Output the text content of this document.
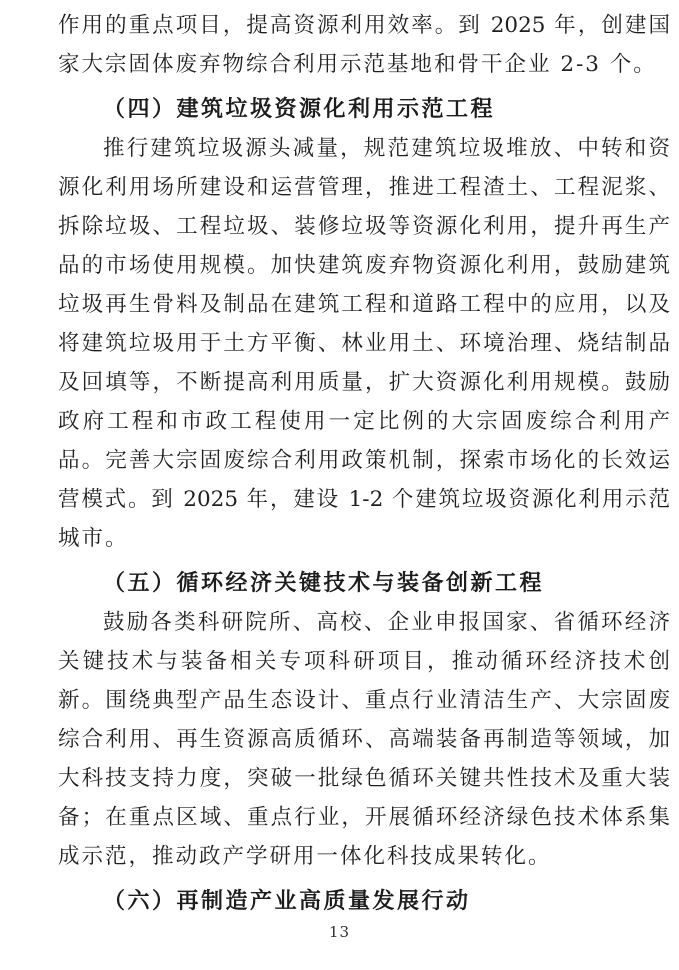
作用的重点项目，提高资源利用效率。到 2025 年，创建国
家大宗固体废弃物综合利用示范基地和骨干企业 2-3 个。
（四）建筑垃圾资源化利用示范工程
推行建筑垃圾源头减量，规范建筑垃圾堆放、中转和资
源化利用场所建设和运营管理，推进工程渣土、工程泥浆、
拆除垃圾、工程垃圾、装修垃圾等资源化利用，提升再生产
品的市场使用规模。加快建筑废弃物资源化利用，鼓励建筑
垃圾再生骨料及制品在建筑工程和道路工程中的应用，以及
将建筑垃圾用于土方平衡、林业用土、环境治理、烧结制品
及回填等，不断提高利用质量，扩大资源化利用规模。鼓励
政府工程和市政工程使用一定比例的大宗固废综合利用产
品。完善大宗固废综合利用政策机制，探索市场化的长效运
营模式。到 2025 年，建设 1-2 个建筑垃圾资源化利用示范
城市。
（五）循环经济关键技术与装备创新工程
鼓励各类科研院所、高校、企业申报国家、省循环经济
关键技术与装备相关专项科研项目，推动循环经济技术创
新。围绕典型产品生态设计、重点行业清洁生产、大宗固废
综合利用、再生资源高质循环、高端装备再制造等领域，加
大科技支持力度，突破一批绿色循环关键共性技术及重大装
备；在重点区域、重点行业，开展循环经济绿色技术体系集
成示范，推动政产学研用一体化科技成果转化。
（六）再制造产业高质量发展行动
13
